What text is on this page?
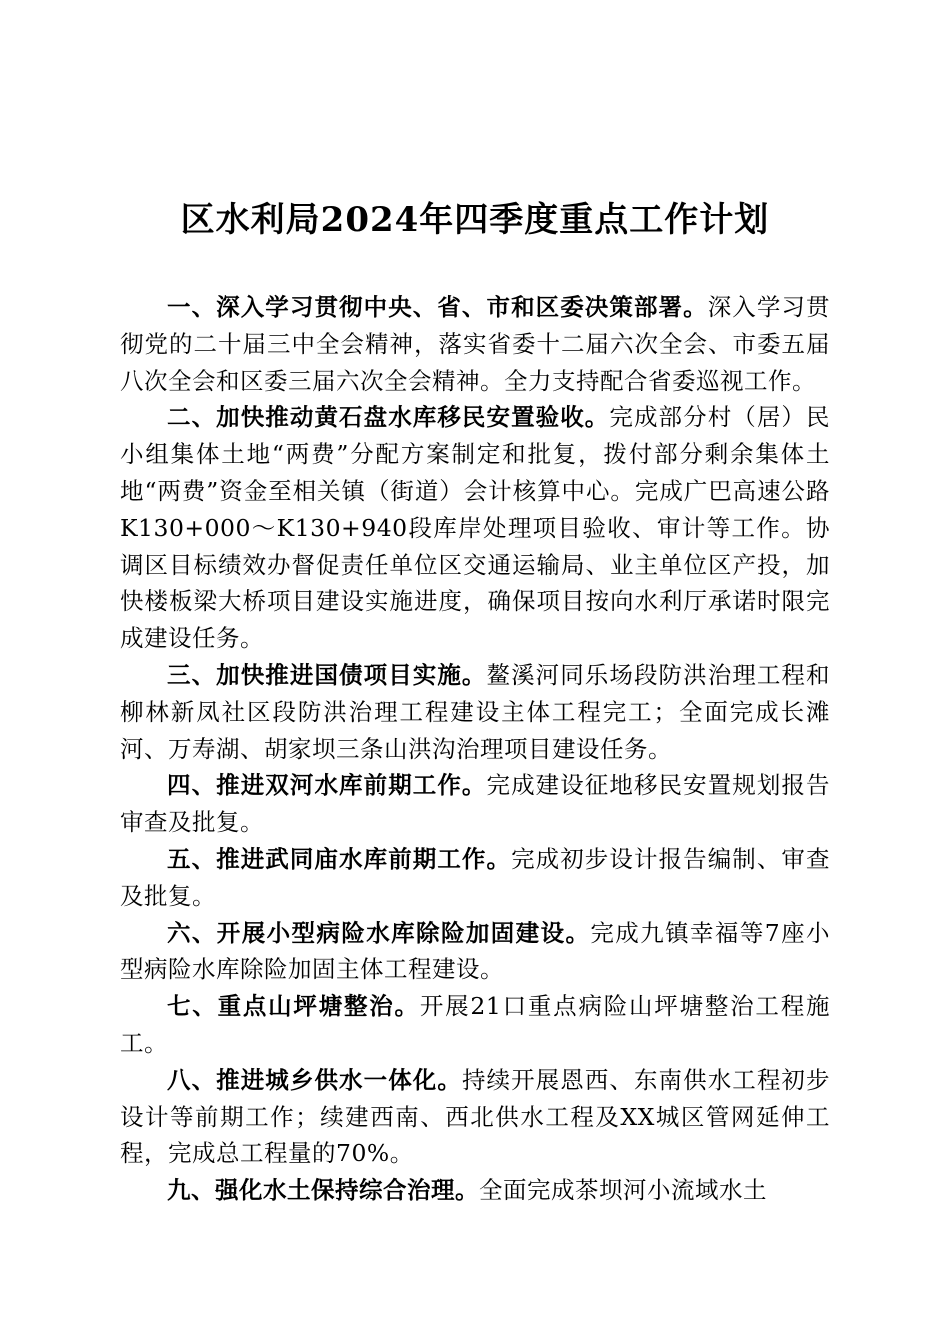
区水利局2024年四季度重点工作计划

一、深入学习贯彻中央、省、市和区委决策部署。深入学习贯彻党的二十届三中全会精神，落实省委十二届六次全会、市委五届八次全会和区委三届六次全会精神。全力支持配合省委巡视工作。

二、加快推动黄石盘水库移民安置验收。完成部分村（居）民小组集体土地“两费”分配方案制定和批复，拨付部分剩余集体土地“两费”资金至相关镇（街道）会计核算中心。完成广巴高速公路K130+000～K130+940段库岸处理项目验收、审计等工作。协调区目标绩效办督促责任单位区交通运输局、业主单位区产投，加快楼板梁大桥项目建设实施进度，确保项目按向水利厅承诺时限完成建设任务。

三、加快推进国债项目实施。鳌溪河同乐场段防洪治理工程和柳林新凤社区段防洪治理工程建设主体工程完工；全面完成长滩河、万寿湖、胡家坝三条山洪沟治理项目建设任务。

四、推进双河水库前期工作。完成建设征地移民安置规划报告审查及批复。

五、推进武同庙水库前期工作。完成初步设计报告编制、审查及批复。

六、开展小型病险水库除险加固建设。完成九镇幸福等7座小型病险水库除险加固主体工程建设。

七、重点山坪塘整治。开展21口重点病险山坪塘整治工程施工。

八、推进城乡供水一体化。持续开展恩西、东南供水工程初步设计等前期工作；续建西南、西北供水工程及XX城区管网延伸工程，完成总工程量的70%。

九、强化水土保持综合治理。全面完成茶坝河小流域水土
